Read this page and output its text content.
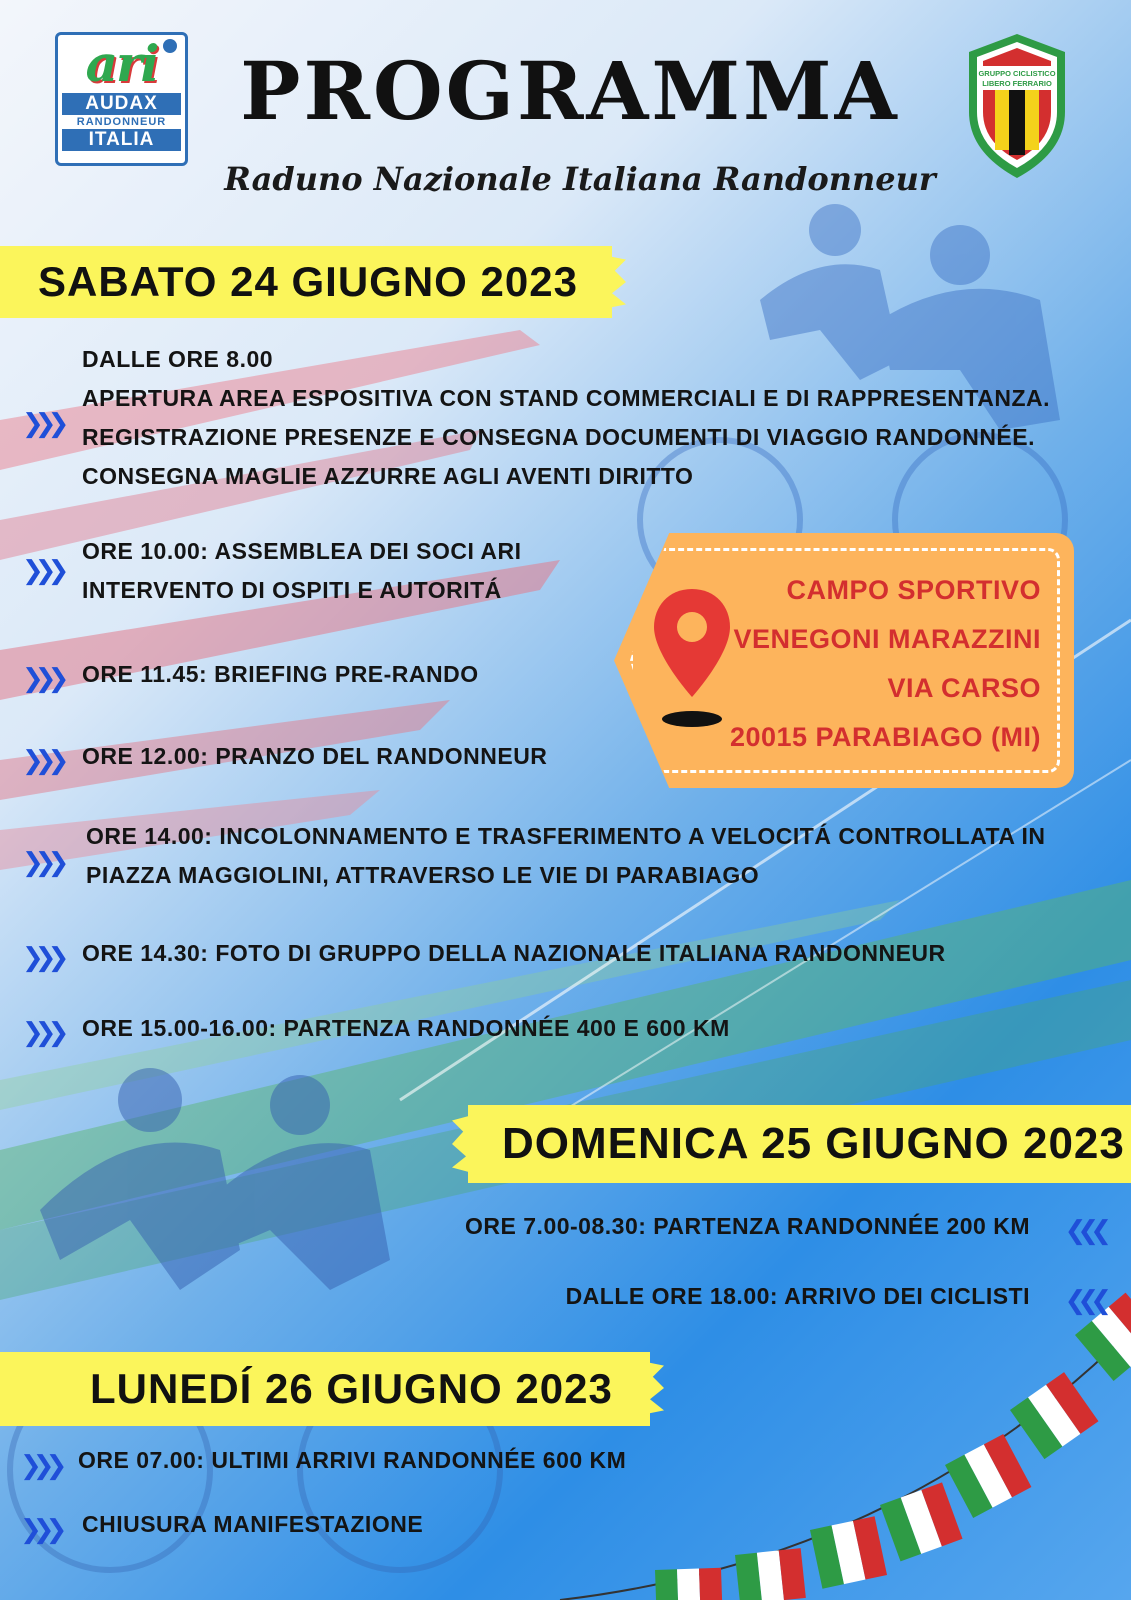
ari
AUDAX
RANDONNEUR
ITALIA
PROGRAMMA
Raduno Nazionale Italiana Randonneur
GRUPPO CICLISTICO
LIBERO FERRARIO
SABATO 24 GIUGNO 2023
DALLE ORE 8.00
APERTURA AREA ESPOSITIVA CON STAND COMMERCIALI E DI RAPPRESENTANZA.
REGISTRAZIONE PRESENZE E CONSEGNA DOCUMENTI DI VIAGGIO RANDONNÉE.
CONSEGNA MAGLIE AZZURRE AGLI AVENTI DIRITTO
❯❯❯
ORE 10.00: ASSEMBLEA DEI SOCI ARI
INTERVENTO DI OSPITI E AUTORITÁ
❯❯❯
ORE 11.45: BRIEFING PRE-RANDO
❯❯❯
ORE 12.00: PRANZO DEL RANDONNEUR
❯❯❯
ORE 14.00: INCOLONNAMENTO E TRASFERIMENTO A VELOCITÁ CONTROLLATA IN
PIAZZA MAGGIOLINI, ATTRAVERSO LE VIE DI PARABIAGO
❯❯❯
ORE 14.30: FOTO DI GRUPPO DELLA NAZIONALE ITALIANA RANDONNEUR
❯❯❯
ORE 15.00-16.00: PARTENZA RANDONNÉE 400 E 600 KM
❯❯❯
CAMPO SPORTIVO
VENEGONI MARAZZINI
VIA CARSO
20015 PARABIAGO (MI)
DOMENICA 25 GIUGNO 2023
ORE 7.00-08.30: PARTENZA RANDONNÉE 200 KM ❮❮❮
DALLE ORE 18.00: ARRIVO DEI CICLISTI ❮❮❮
LUNEDÍ 26 GIUGNO 2023
ORE 07.00: ULTIMI ARRIVI RANDONNÉE 600 KM
❯❯❯
CHIUSURA MANIFESTAZIONE
❯❯❯
